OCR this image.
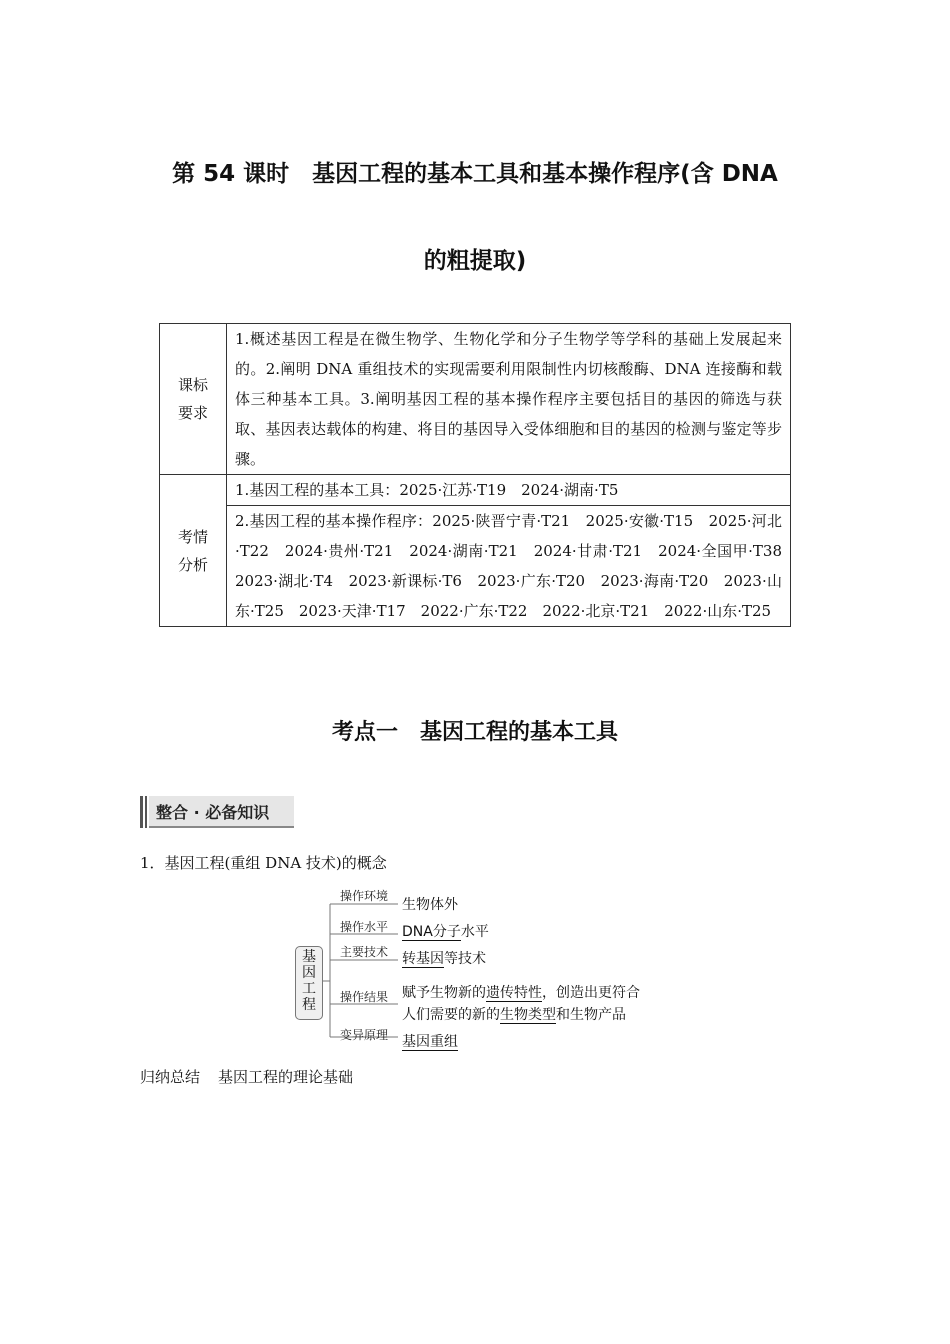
第 54 课时　基因工程的基本工具和基本操作程序(含 DNA
的粗提取)
课标
要求	1.概述基因工程是在微生物学、生物化学和分子生物学等学科的基础上发展起来的。2.阐明 DNA 重组技术的实现需要利用限制性内切核酸酶、DNA 连接酶和载体三种基本工具。3.阐明基因工程的基本操作程序主要包括目的基因的筛选与获取、基因表达载体的构建、将目的基因导入受体细胞和目的基因的检测与鉴定等步骤。
考情
分析	1.基因工程的基本工具：2025·江苏·T19　2024·湖南·T5
	2.基因工程的基本操作程序：2025·陕晋宁青·T21　2025·安徽·T15　2025·河北·T22　2024·贵州·T21　2024·湖南·T21　2024·甘肃·T21　2024·全国甲·T38　2023·湖北·T4　2023·新课标·T6　2023·广东·T20　2023·海南·T20　2023·山东·T25　2023·天津·T17　2022·广东·T22　2022·北京·T21　2022·山东·T25
考点一　基因工程的基本工具
整合 · 必备知识
1．基因工程(重组 DNA 技术)的概念
基
因
工
程
操作环境
生物体外
操作水平 DNA分子水平
主要技术 转基因等技术
操作结果 赋予生物新的遗传特性，创造出更符合
人们需要的新的生物类型和生物产品
变异原理 基因重组
归纳总结 基因工程的理论基础
